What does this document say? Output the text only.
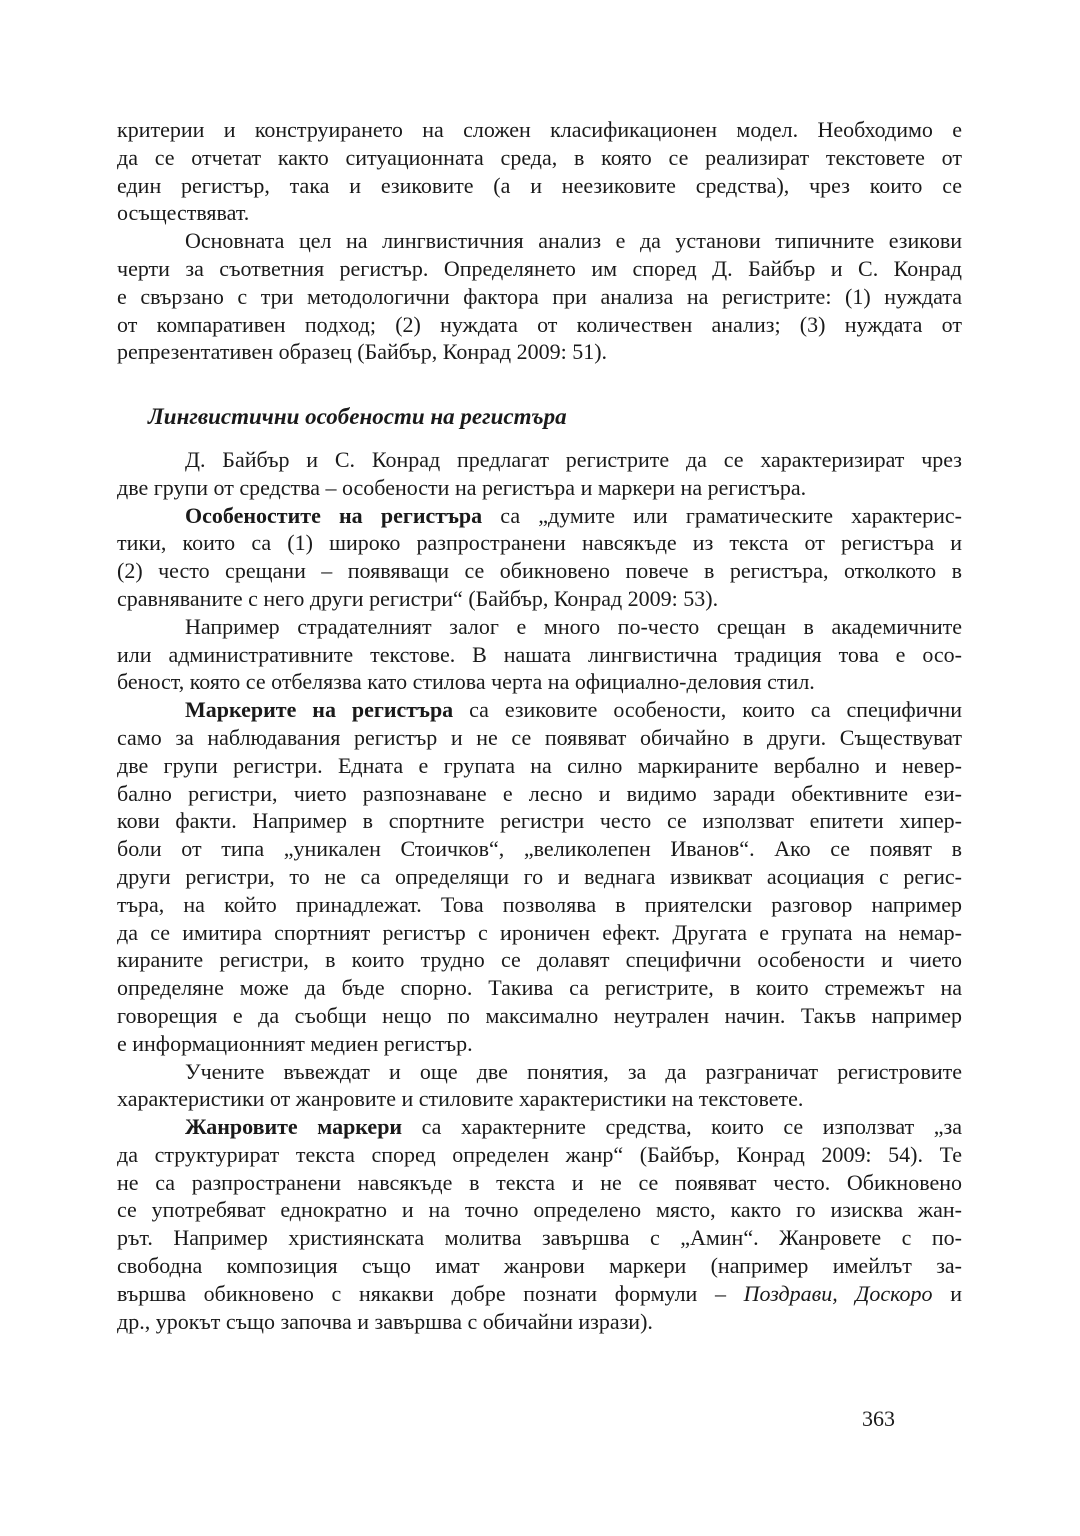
критерии и конструирането на сложен класификационен модел. Необходимо е
да се отчетат както ситуационната среда, в която се реализират текстовете от
един регистър, така и езиковите (а и неезиковите средства), чрез които се
осъществяват.
Основната цел на лингвистичния анализ е да установи типичните езикови
черти за съответния регистър. Определянето им според Д. Байбър и С. Конрад
е свързано с три методологични фактора при анализа на регистрите: (1) нуждата
от компаративен подход; (2) нуждата от количествен анализ; (3) нуждата от
репрезентативен образец (Байбър, Конрад 2009: 51).
Лингвистични особености на регистъра
Д. Байбър и С. Конрад предлагат регистрите да се характеризират чрез
две групи от средства – особености на регистъра и маркери на регистъра.
Особеностите на регистъра са „думите или граматическите характерис-
тики, които са (1) широко разпространени навсякъде из текста от регистъра и
(2) често срещани – появяващи се обикновено повече в регистъра, отколкото в
сравняваните с него други регистри“ (Байбър, Конрад 2009: 53).
Например страдателният залог е много по-често срещан в академичните
или административните текстове. В нашата лингвистична традиция това е осо-
беност, която се отбелязва като стилова черта на официално-деловия стил.
Маркерите на регистъра са езиковите особености, които са специфични
само за наблюдавания регистър и не се появяват обичайно в други. Съществуват
две групи регистри. Едната е групата на силно маркираните вербално и невер-
бално регистри, чието разпознаване е лесно и видимо заради обективните ези-
кови факти. Например в спортните регистри често се използват епитети хипер-
боли от типа „уникален Стоичков“, „великолепен Иванов“. Ако се появят в
други регистри, то не са определящи го и веднага извикват асоциация с регис-
търа, на който принадлежат. Това позволява в приятелски разговор например
да се имитира спортният регистър с ироничен ефект. Другата е групата на немар-
кираните регистри, в които трудно се долавят специфични особености и чието
определяне може да бъде спорно. Такива са регистрите, в които стремежът на
говорещия е да съобщи нещо по максимално неутрален начин. Такъв например
е информационният медиен регистър.
Учените въвеждат и още две понятия, за да разграничат регистровите
характеристики от жанровите и стиловите характеристики на текстовете.
Жанровите маркери са характерните средства, които се използват „за
да структурират текста според определен жанр“ (Байбър, Конрад 2009: 54). Те
не са разпространени навсякъде в текста и не се появяват често. Обикновено
се употребяват еднократно и на точно определено място, както го изисква жан-
рът. Например християнската молитва завършва с „Амин“. Жанровете с по-
свободна композиция също имат жанрови маркери (например имейлът за-
вършва обикновено с някакви добре познати формули – Поздрави, Доскоро и
др., урокът също започва и завършва с обичайни изрази).
363
